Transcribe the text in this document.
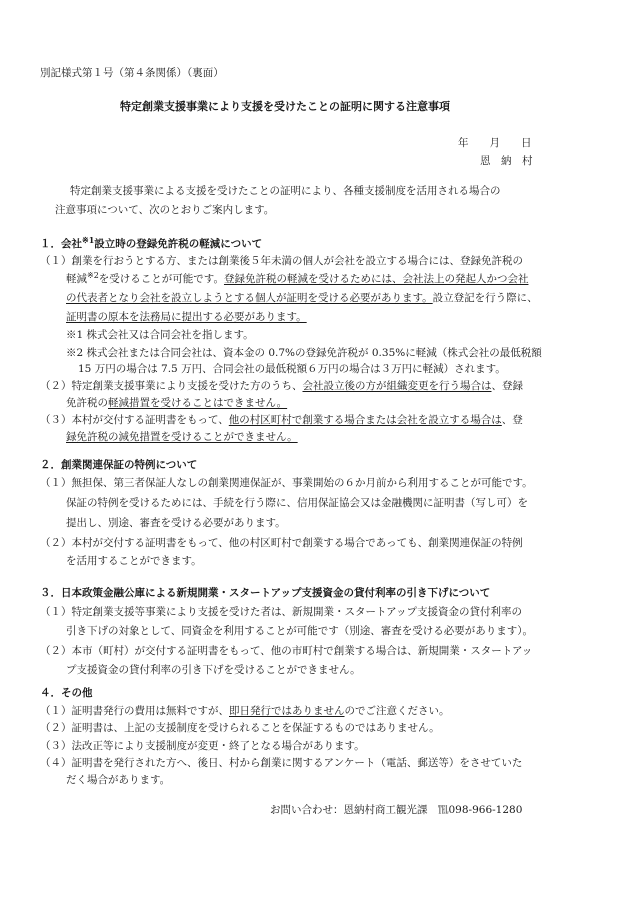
別記様式第１号（第４条関係）（裏面）
特定創業支援事業により支援を受けたことの証明に関する注意事項
年　　月　　日
恩　納　村
特定創業支援事業による支援を受けたことの証明により、各種支援制度を活用される場合の
注意事項について、次のとおりご案内します。
１．会社$^{※1}$設立時の登録免許税の軽減について
（１）創業を行おうとする方、または創業後５年未満の個人が会社を設立する場合には、登録免許税の
軽減$^{※2}$を受けることが可能です。登録免許税の軽減を受けるためには、会社法上の発起人かつ会社
の代表者となり会社を設立しようとする個人が証明を受ける必要があります。設立登記を行う際に、
証明書の原本を法務局に提出する必要があります。
※1 株式会社又は合同会社を指します。
※2 株式会社または合同会社は、資本金の 0.7%の登録免許税が 0.35%に軽減（株式会社の最低税額
15 万円の場合は 7.5 万円、合同会社の最低税額６万円の場合は３万円に軽減）されます。
（２）特定創業支援事業により支援を受けた方のうち、会社設立後の方が組織変更を行う場合は、登録
免許税の軽減措置を受けることはできません。
（３）本村が交付する証明書をもって、他の村区町村で創業する場合または会社を設立する場合は、登
録免許税の減免措置を受けることができません。
２．創業関連保証の特例について
（１）無担保、第三者保証人なしの創業関連保証が、事業開始の６か月前から利用することが可能です。
保証の特例を受けるためには、手続を行う際に、信用保証協会又は金融機関に証明書（写し可）を
提出し、別途、審査を受ける必要があります。
（２）本村が交付する証明書をもって、他の村区町村で創業する場合であっても、創業関連保証の特例
を活用することができます。
３．日本政策金融公庫による新規開業・スタートアップ支援資金の貸付利率の引き下げについて
（１）特定創業支援等事業により支援を受けた者は、新規開業・スタートアップ支援資金の貸付利率の
引き下げの対象として、同資金を利用することが可能です（別途、審査を受ける必要があります）。
（２）本市（町村）が交付する証明書をもって、他の市町村で創業する場合は、新規開業・スタートアッ
プ支援資金の貸付利率の引き下げを受けることができません。
４．その他
（１）証明書発行の費用は無料ですが、即日発行ではありませんのでご注意ください。
（２）証明書は、上記の支援制度を受けられることを保証するものではありません。
（３）法改正等により支援制度が変更・終了となる場合があります。
（４）証明書を発行された方へ、後日、村から創業に関するアンケート（電話、郵送等）をさせていた
だく場合があります。
お問い合わせ：恩納村商工観光課　℡098-966-1280
